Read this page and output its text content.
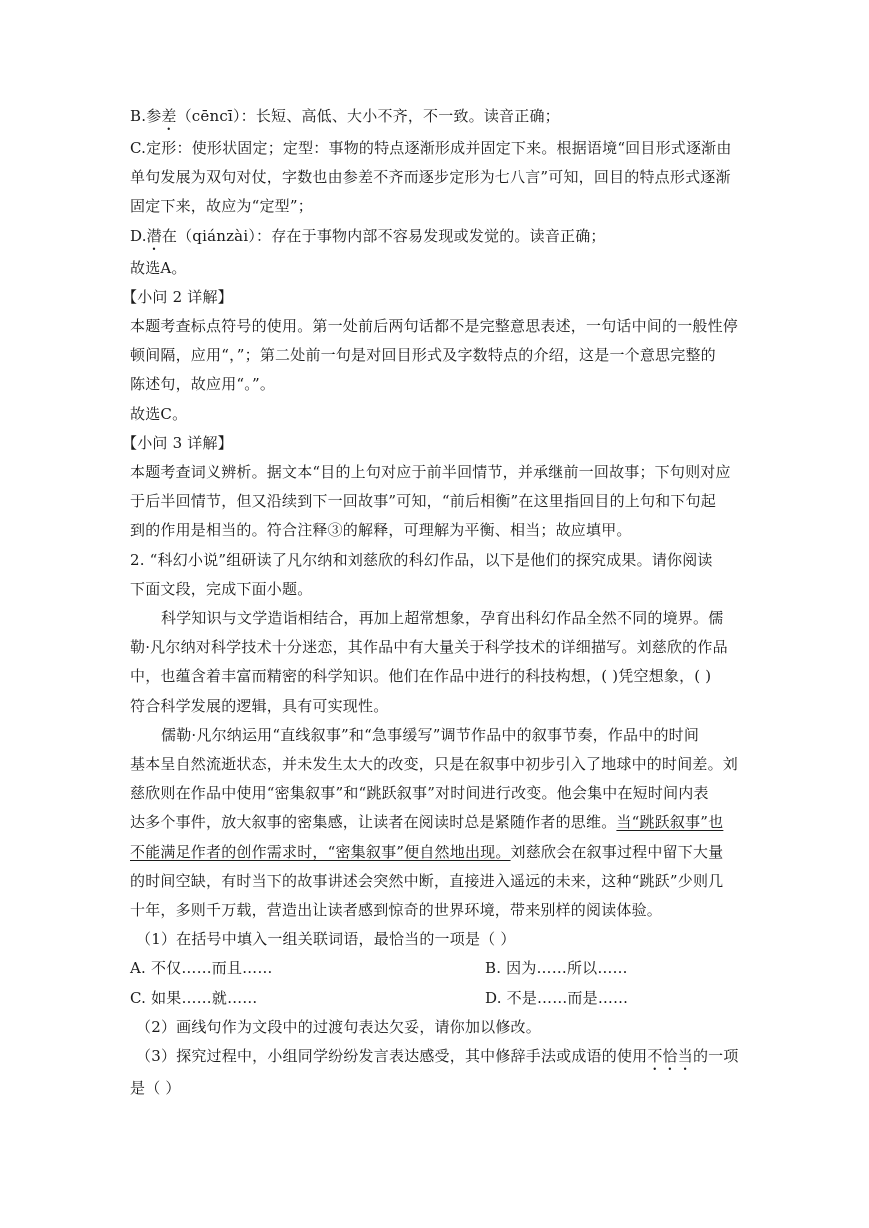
B.参差（cēncī）：长短、高低、大小不齐，不一致。读音正确；
C.定形：使形状固定；定型：事物的特点逐渐形成并固定下来。根据语境“回目形式逐渐由
单句发展为双句对仗，字数也由参差不齐而逐步定形为七八言”可知，回目的特点形式逐渐
固定下来，故应为“定型”；
D.潜在（qiánzài）：存在于事物内部不容易发现或发觉的。读音正确；
故选A。
【小问 2 详解】
本题考查标点符号的使用。第一处前后两句话都不是完整意思表述，一句话中间的一般性停
顿间隔，应用“，”；第二处前一句是对回目形式及字数特点的介绍，这是一个意思完整的
陈述句，故应用“。”。
故选C。
【小问 3 详解】
本题考查词义辨析。据文本“目的上句对应于前半回情节，并承继前一回故事；下句则对应
于后半回情节，但又沿续到下一回故事”可知，“前后相衡”在这里指回目的上句和下句起
到的作用是相当的。符合注释③的解释，可理解为平衡、相当；故应填甲。
2. “科幻小说”组研读了凡尔纳和刘慈欣的科幻作品，以下是他们的探究成果。请你阅读
下面文段，完成下面小题。
科学知识与文学造诣相结合，再加上超常想象，孕育出科幻作品全然不同的境界。儒
勒·凡尔纳对科学技术十分迷恋，其作品中有大量关于科学技术的详细描写。刘慈欣的作品
中，也蕴含着丰富而精密的科学知识。他们在作品中进行的科技构想，( )凭空想象，( )
符合科学发展的逻辑，具有可实现性。
儒勒·凡尔纳运用“直线叙事”和“急事缓写”调节作品中的叙事节奏，作品中的时间
基本呈自然流逝状态，并未发生太大的改变，只是在叙事中初步引入了地球中的时间差。刘
慈欣则在作品中使用“密集叙事”和“跳跃叙事”对时间进行改变。他会集中在短时间内表
达多个事件，放大叙事的密集感，让读者在阅读时总是紧随作者的思维。当“跳跃叙事”也
不能满足作者的创作需求时，“密集叙事”便自然地出现。刘慈欣会在叙事过程中留下大量
的时间空缺，有时当下的故事讲述会突然中断，直接进入遥远的未来，这种“跳跃”少则几
十年，多则千万载，营造出让读者感到惊奇的世界环境，带来别样的阅读体验。
（1）在括号中填入一组关联词语，最恰当的一项是（ ）
A. 不仅……而且……	B. 因为……所以……
C. 如果……就……	D. 不是……而是……
（2）画线句作为文段中的过渡句表达欠妥，请你加以修改。
（3）探究过程中，小组同学纷纷发言表达感受，其中修辞手法或成语的使用不恰当的一项
是（ ）
